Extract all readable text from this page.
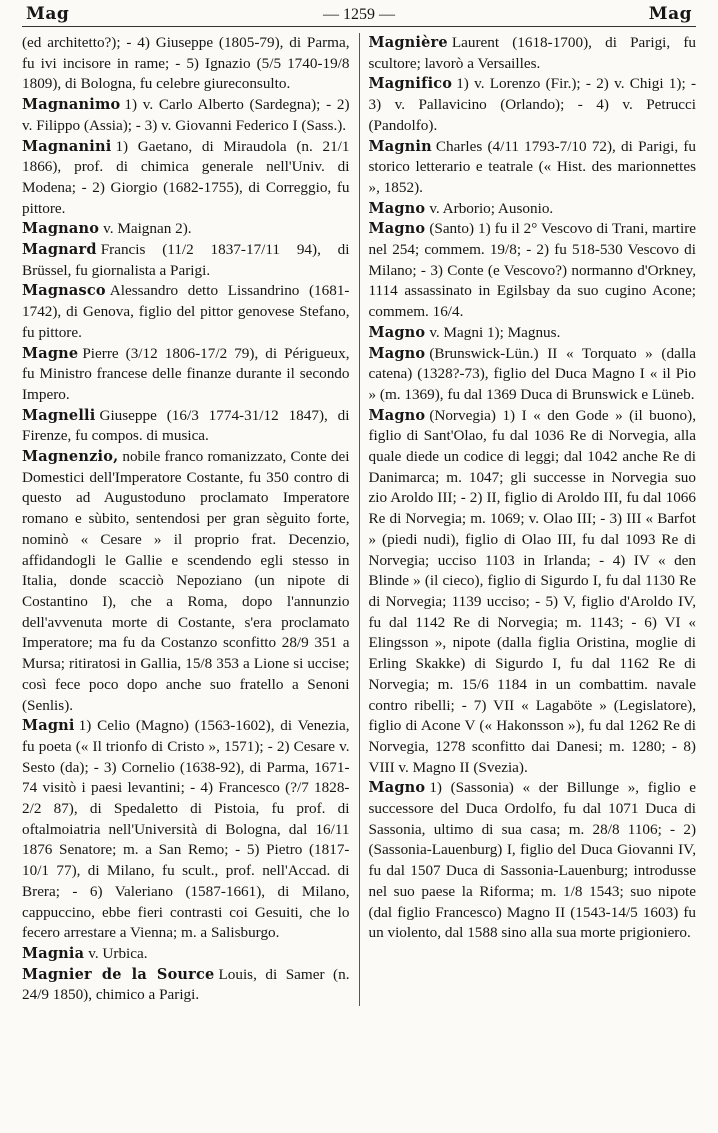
Mag	— 1259 —	Mag

(ed architetto?); - 4) Giuseppe (1805-79), di Parma, fu ivi incisore in rame; - 5) Ignazio (5/5 1740-19/8 1809), di Bologna, fu celebre giureconsulto.

Magnanimo 1) v. Carlo Alberto (Sardegna); - 2) v. Filippo (Assia); - 3) v. Giovanni Federico I (Sass.).

Magnanini 1) Gaetano, di Miraudola (n. 21/1 1866), prof. di chimica generale nell'Univ. di Modena; - 2) Giorgio (1682-1755), di Correggio, fu pittore.

Magnano v. Maignan 2).

Magnard Francis (11/2 1837-17/11 94), di Brüssel, fu giornalista a Parigi.

Magnasco Alessandro detto Lissandrino (1681-1742), di Genova, figlio del pittor genovese Stefano, fu pittore.

Magne Pierre (3/12 1806-17/2 79), di Périgueux, fu Ministro francese delle finanze durante il secondo Impero.

Magnelli Giuseppe (16/3 1774-31/12 1847), di Firenze, fu compos. di musica.

Magnenzio, nobile franco romanizzato, Conte dei Domestici dell'Imperatore Costante, fu 350 contro di questo ad Augustoduno proclamato Imperatore romano e sùbito, sentendosi per gran sèguito forte, nominò « Cesare » il proprio frat. Decenzio, affidandogli le Gallie e scendendo egli stesso in Italia, donde scacciò Nepoziano (un nipote di Costantino I), che a Roma, dopo l'annunzio dell'avvenuta morte di Costante, s'era proclamato Imperatore; ma fu da Costanzo sconfitto 28/9 351 a Mursa; ritiratosi in Gallia, 15/8 353 a Lione si uccise; così fece poco dopo anche suo fratello a Senoni (Senlis).

Magni 1) Celio (Magno) (1563-1602), di Venezia, fu poeta (« Il trionfo di Cristo », 1571); - 2) Cesare v. Sesto (da); - 3) Cornelio (1638-92), di Parma, 1671-74 visitò i paesi levantini; - 4) Francesco (?/7 1828-2/2 87), di Spedaletto di Pistoia, fu prof. di oftalmoiatria nell'Università di Bologna, dal 16/11 1876 Senatore; m. a San Remo; - 5) Pietro (1817-10/1 77), di Milano, fu scult., prof. nell'Accad. di Brera; - 6) Valeriano (1587-1661), di Milano, cappuccino, ebbe fieri contrasti coi Gesuiti, che lo fecero arrestare a Vienna; m. a Salisburgo.

Magnia v. Urbica.

Magnier de la Source Louis, di Samer (n. 24/9 1850), chimico a Parigi.

Magnière Laurent (1618-1700), di Parigi, fu scultore; lavorò a Versailles.

Magnifico 1) v. Lorenzo (Fir.); - 2) v. Chigi 1); - 3) v. Pallavicino (Orlando); - 4) v. Petrucci (Pandolfo).

Magnin Charles (4/11 1793-7/10 72), di Parigi, fu storico letterario e teatrale (« Hist. des marionnettes », 1852).

Magno v. Arborio; Ausonio.

Magno (Santo) 1) fu il 2° Vescovo di Trani, martire nel 254; commem. 19/8; - 2) fu 518-530 Vescovo di Milano; - 3) Conte (e Vescovo?) normanno d'Orkney, 1114 assassinato in Egilsbay da suo cugino Acone; commem. 16/4.

Magno v. Magni 1); Magnus.

Magno (Brunswick-Lün.) II « Torquato » (dalla catena) (1328?-73), figlio del Duca Magno I « il Pio » (m. 1369), fu dal 1369 Duca di Brunswick e Lüneb.

Magno (Norvegia) 1) I « den Gode » (il buono), figlio di Sant'Olao, fu dal 1036 Re di Norvegia, alla quale diede un codice di leggi; dal 1042 anche Re di Danimarca; m. 1047; gli successe in Norvegia suo zio Aroldo III; - 2) II, figlio di Aroldo III, fu dal 1066 Re di Norvegia; m. 1069; v. Olao III; - 3) III « Barfot » (piedi nudi), figlio di Olao III, fu dal 1093 Re di Norvegia; ucciso 1103 in Irlanda; - 4) IV « den Blinde » (il cieco), figlio di Sigurdo I, fu dal 1130 Re di Norvegia; 1139 ucciso; - 5) V, figlio d'Aroldo IV, fu dal 1142 Re di Norvegia; m. 1143; - 6) VI « Elingsson », nipote (dalla figlia Oristina, moglie di Erling Skakke) di Sigurdo I, fu dal 1162 Re di Norvegia; m. 15/6 1184 in un combattim. navale contro ribelli; - 7) VII « Lagaböte » (Legislatore), figlio di Acone V (« Hakonsson »), fu dal 1262 Re di Norvegia, 1278 sconfitto dai Danesi; m. 1280; - 8) VIII v. Magno II (Svezia).

Magno 1) (Sassonia) « der Billunge », figlio e successore del Duca Ordolfo, fu dal 1071 Duca di Sassonia, ultimo di sua casa; m. 28/8 1106; - 2) (Sassonia-Lauenburg) I, figlio del Duca Giovanni IV, fu dal 1507 Duca di Sassonia-Lauenburg; introdusse nel suo paese la Riforma; m. 1/8 1543; suo nipote (dal figlio Francesco) Magno II (1543-14/5 1603) fu un violento, dal 1588 sino alla sua morte prigioniero.
